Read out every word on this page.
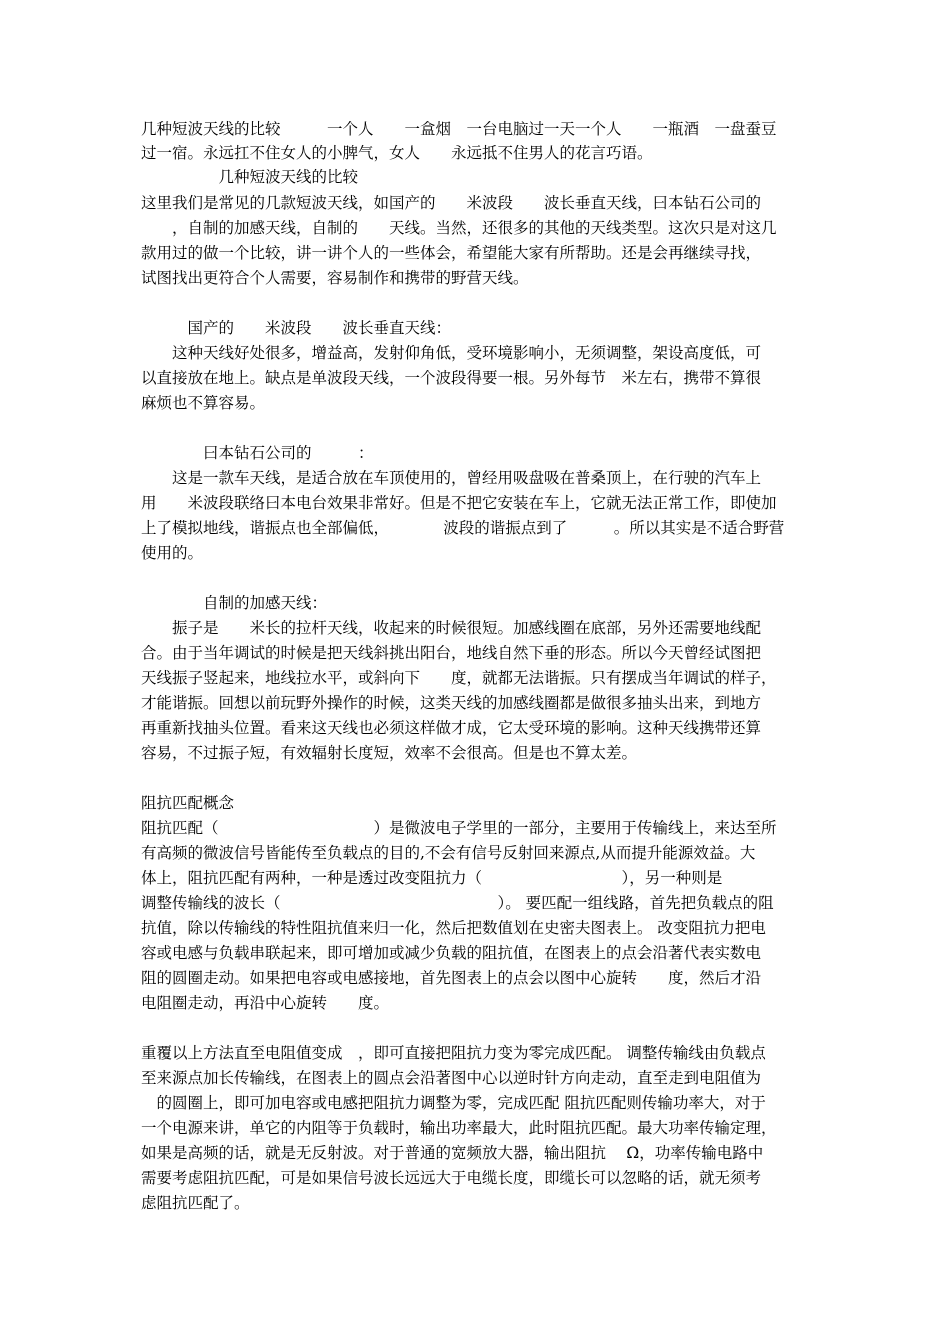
几种短波天线的比较　　　一个人　　一盒烟　一台电脑过一天一个人　　一瓶酒　一盘蚕豆

过一宿。永远扛不住女人的小脾气，女人　　永远抵不住男人的花言巧语。

　　　　　几种短波天线的比较

这里我们是常见的几款短波天线，如国产的　　米波段　　波长垂直天线，曰本钻石公司的

　　，自制的加感天线，自制的　　天线。当然，还很多的其他的天线类型。这次只是对这几

款用过的做一个比较，讲一讲个人的一些体会，希望能大家有所帮助。还是会再继续寻找，

试图找出更符合个人需要，容易制作和携带的野营天线。

　　　国产的　　米波段　　波长垂直天线：

　　这种天线好处很多，增益高，发射仰角低，受环境影响小，无须调整，架设高度低，可

以直接放在地上。缺点是单波段天线，一个波段得要一根。另外每节　米左右，携带不算很

麻烦也不算容易。

　　　　曰本钻石公司的　　　：

　　这是一款车天线，是适合放在车顶使用的，曾经用吸盘吸在普桑顶上，在行驶的汽车上

用　　米波段联络曰本电台效果非常好。但是不把它安装在车上，它就无法正常工作，即使加

上了模拟地线，谐振点也全部偏低，　　　　波段的谐振点到了　　　。所以其实是不适合野营

使用的。

　　　　自制的加感天线：

　　振子是　　米长的拉杆天线，收起来的时候很短。加感线圈在底部，另外还需要地线配

合。由于当年调试的时候是把天线斜挑出阳台，地线自然下垂的形态。所以今天曾经试图把

天线振子竖起来，地线拉水平，或斜向下　　度，就都无法谐振。只有摆成当年调试的样子，

才能谐振。回想以前玩野外操作的时候，这类天线的加感线圈都是做很多抽头出来，到地方

再重新找抽头位置。看来这天线也必须这样做才成，它太受环境的影响。这种天线携带还算

容易，不过振子短，有效辐射长度短，效率不会很高。但是也不算太差。

阻抗匹配概念

阻抗匹配（　　　　　　　　　　）是微波电子学里的一部分，主要用于传输线上，来达至所

有高频的微波信号皆能传至负载点的目的,不会有信号反射回来源点,从而提升能源效益。大

体上，阻抗匹配有两种，一种是透过改变阻抗力（　　　　　　　　　），另一种则是

调整传输线的波长（　　　　　　　　　　　　　　）。 要匹配一组线路，首先把负载点的阻

抗值，除以传输线的特性阻抗值来归一化，然后把数值划在史密夫图表上。 改变阻抗力把电

容或电感与负载串联起来，即可增加或减少负载的阻抗值，在图表上的点会沿著代表实数电

阻的圆圈走动。如果把电容或电感接地，首先图表上的点会以图中心旋转　　度，然后才沿

电阻圈走动，再沿中心旋转　　度。

重覆以上方法直至电阻值变成　，即可直接把阻抗力变为零完成匹配。 调整传输线由负载点

至来源点加长传输线，在图表上的圆点会沿著图中心以逆时针方向走动，直至走到电阻值为

　的圆圈上，即可加电容或电感把阻抗力调整为零，完成匹配 阻抗匹配则传输功率大，对于

一个电源来讲，单它的内阻等于负载时，输出功率最大，此时阻抗匹配。最大功率传输定理，

如果是高频的话，就是无反射波。对于普通的宽频放大器，输出阻抗　 Ω，功率传输电路中

需要考虑阻抗匹配，可是如果信号波长远远大于电缆长度，即缆长可以忽略的话，就无须考

虑阻抗匹配了。
